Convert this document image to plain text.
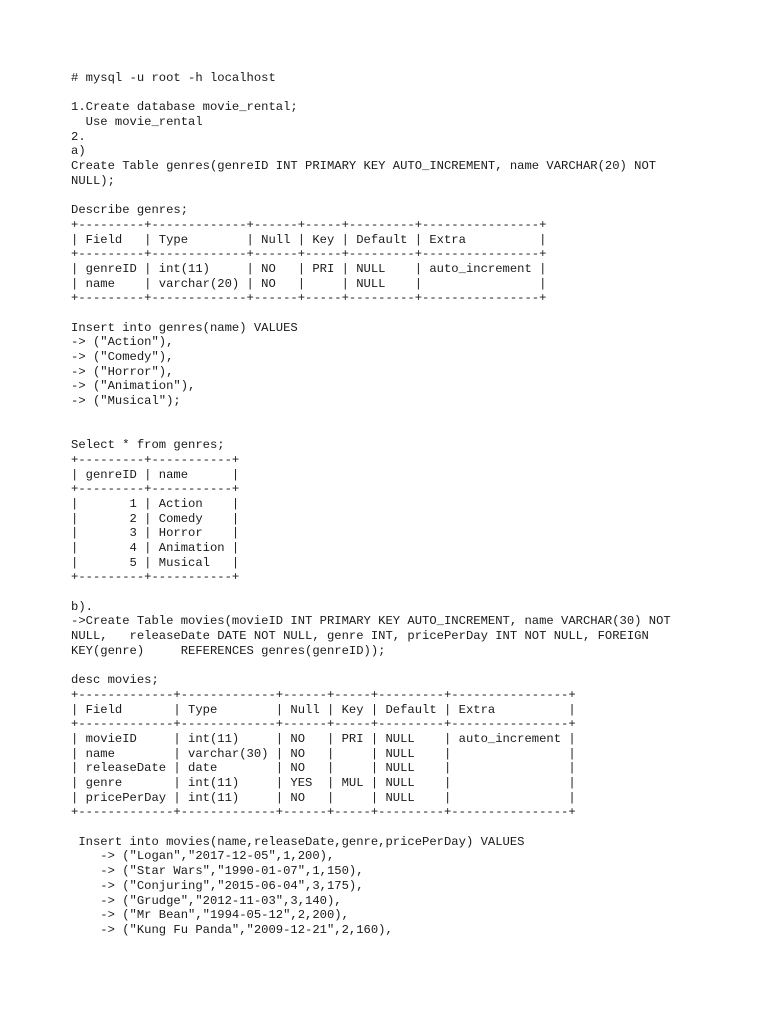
# mysql -u root -h localhost
1.Create database movie_rental;
Use movie_rental
2.
a)
Create Table genres(genreID INT PRIMARY KEY AUTO_INCREMENT, name VARCHAR(20) NOT
NULL);
Describe genres;
+---------+-------------+------+-----+---------+----------------+
| Field   | Type        | Null | Key | Default | Extra          |
+---------+-------------+------+-----+---------+----------------+
| genreID | int(11)     | NO   | PRI | NULL    | auto_increment |
| name    | varchar(20) | NO   |     | NULL    |                |
+---------+-------------+------+-----+---------+----------------+
Insert into genres(name) VALUES
-> ("Action"),
-> ("Comedy"),
-> ("Horror"),
-> ("Animation"),
-> ("Musical");
Select * from genres;
+---------+-----------+
| genreID | name      |
+---------+-----------+
|       1 | Action    |
|       2 | Comedy    |
|       3 | Horror    |
|       4 | Animation |
|       5 | Musical   |
+---------+-----------+
b).
->Create Table movies(movieID INT PRIMARY KEY AUTO_INCREMENT, name VARCHAR(30) NOT
NULL,   releaseDate DATE NOT NULL, genre INT, pricePerDay INT NOT NULL, FOREIGN
KEY(genre)     REFERENCES genres(genreID));
desc movies;
+-------------+-------------+------+-----+---------+----------------+
| Field       | Type        | Null | Key | Default | Extra          |
+-------------+-------------+------+-----+---------+----------------+
| movieID     | int(11)     | NO   | PRI | NULL    | auto_increment |
| name        | varchar(30) | NO   |     | NULL    |                |
| releaseDate | date        | NO   |     | NULL    |                |
| genre       | int(11)     | YES  | MUL | NULL    |                |
| pricePerDay | int(11)     | NO   |     | NULL    |                |
+-------------+-------------+------+-----+---------+----------------+
Insert into movies(name,releaseDate,genre,pricePerDay) VALUES
-> ("Logan","2017-12-05",1,200),
-> ("Star Wars","1990-01-07",1,150),
-> ("Conjuring","2015-06-04",3,175),
-> ("Grudge","2012-11-03",3,140),
-> ("Mr Bean","1994-05-12",2,200),
-> ("Kung Fu Panda","2009-12-21",2,160),
